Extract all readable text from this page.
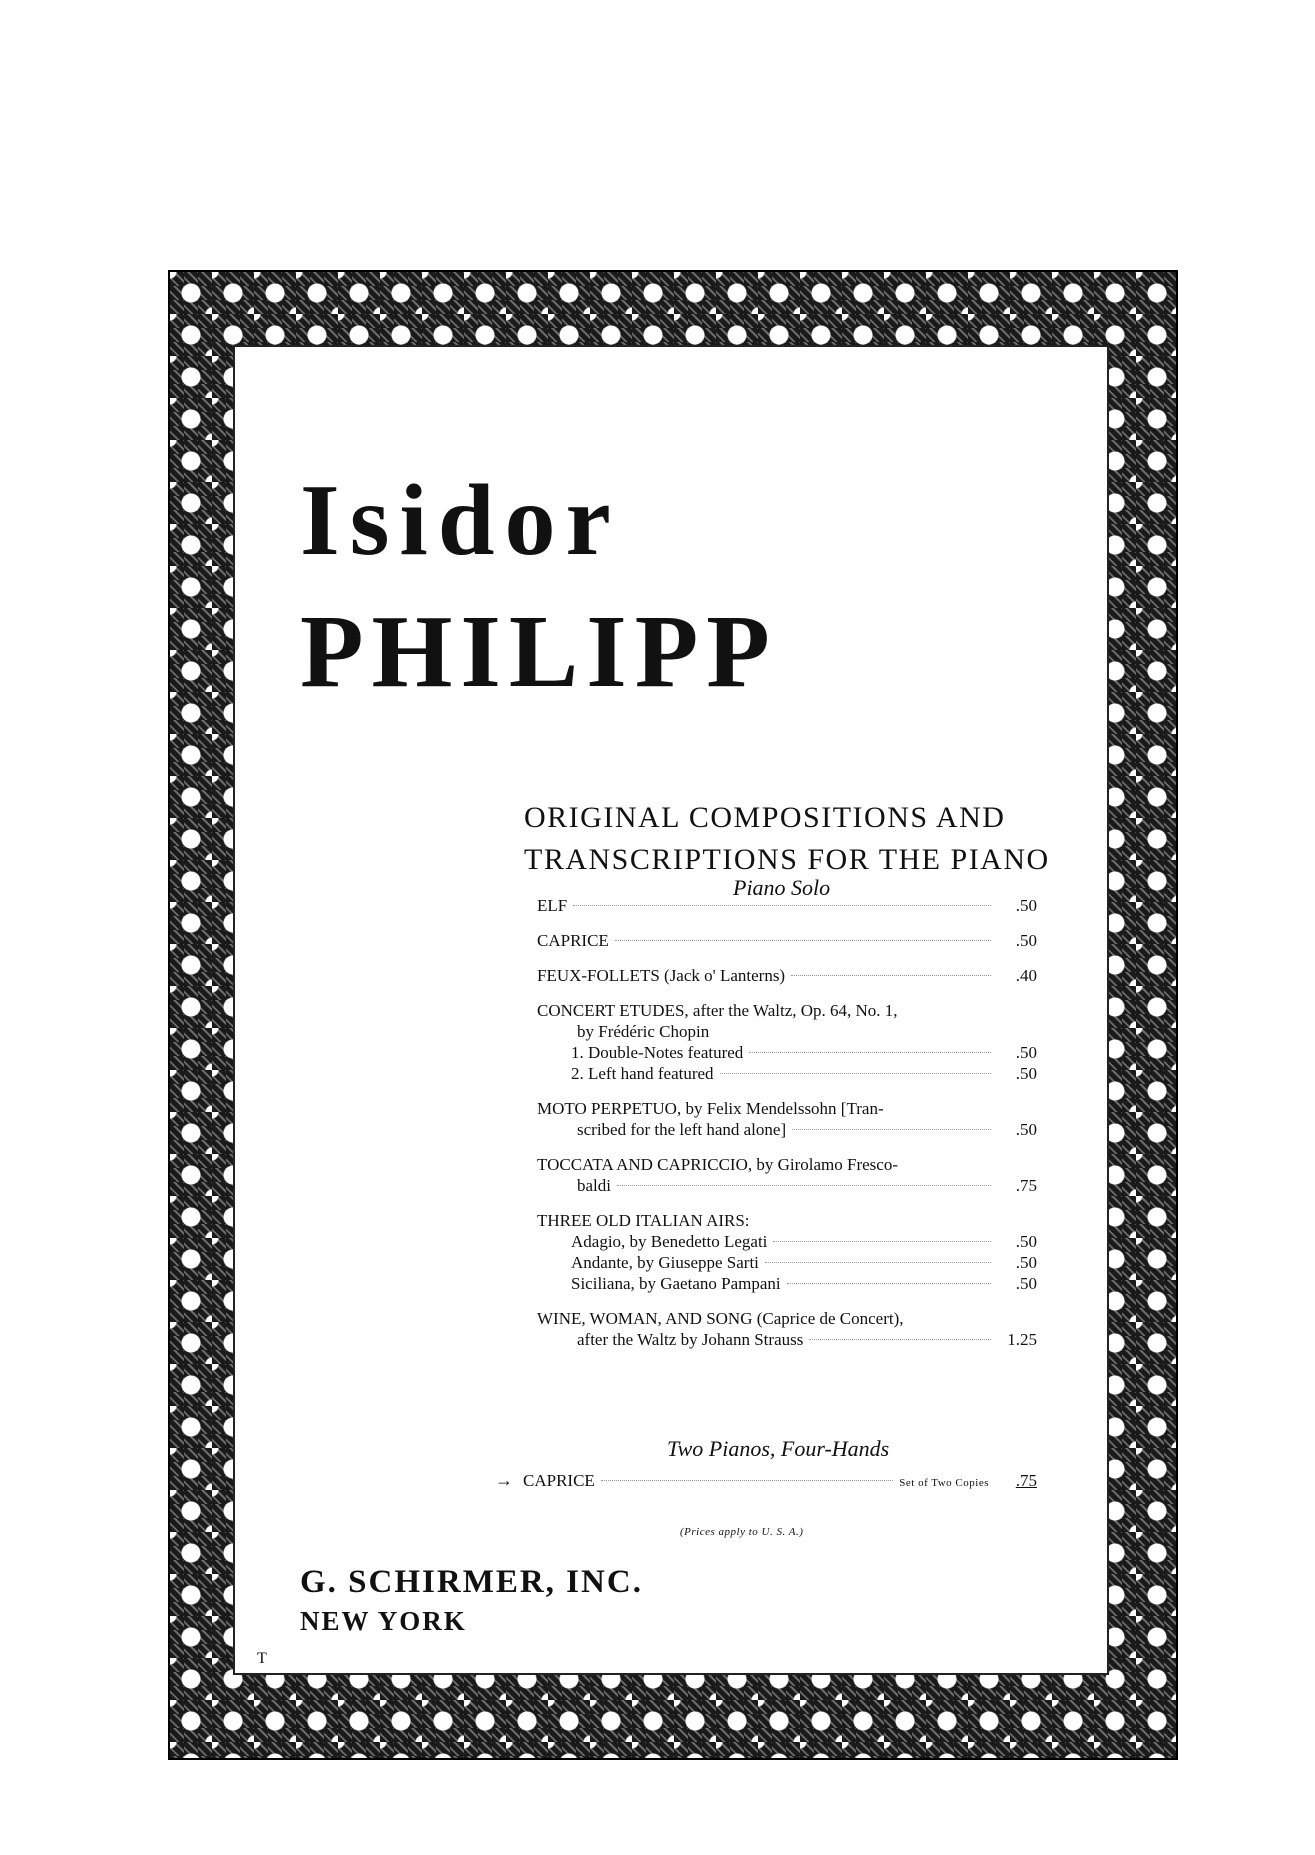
Isidor
PHILIPP
ORIGINAL COMPOSITIONS AND
TRANSCRIPTIONS FOR THE PIANO
Piano Solo
ELF	.50
CAPRICE	.50
FEUX-FOLLETS (Jack o' Lanterns)	.40
CONCERT ETUDES, after the Waltz, Op. 64, No. 1,
by Frédéric Chopin
1. Double-Notes featured	.50
2. Left hand featured	.50
MOTO PERPETUO, by Felix Mendelssohn [Tran-
scribed for the left hand alone]	.50
TOCCATA AND CAPRICCIO, by Girolamo Fresco-
baldi	.75
THREE OLD ITALIAN AIRS:
Adagio, by Benedetto Legati	.50
Andante, by Giuseppe Sarti	.50
Siciliana, by Gaetano Pampani	.50
WINE, WOMAN, AND SONG (Caprice de Concert),
after the Waltz by Johann Strauss	1.25
Two Pianos, Four-Hands
→ CAPRICE	Set of Two Copies	.75
(Prices apply to U. S. A.)
G. SCHIRMER, INC.
NEW YORK
T
